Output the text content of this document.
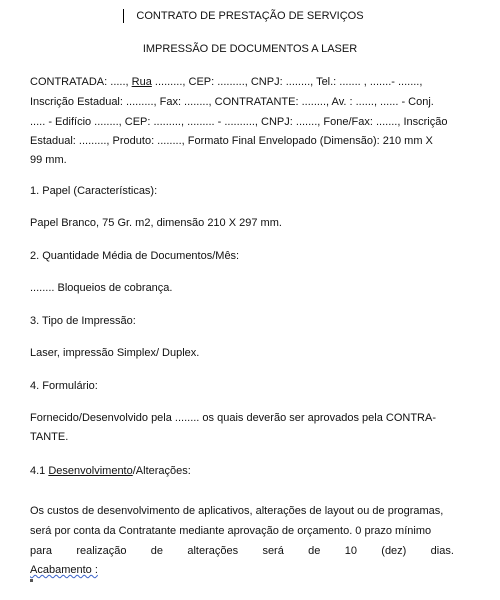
CONTRATO DE PRESTAÇÃO DE SERVIÇOS
IMPRESSÃO DE DOCUMENTOS A LASER
CONTRATADA: ....., Rua ........., CEP: ........., CNPJ: ........, Tel.: ....... , .......- .......,
Inscrição Estadual: ........., Fax: ........, CONTRATANTE: ........, Av. : ......, ...... - Conj.
..... - Edifício ........, CEP: ........., ......... - .........., CNPJ: ......., Fone/Fax: ......., Inscrição
Estadual: ........., Produto: ........, Formato Final Envelopado (Dimensão): 210 mm X
99 mm.
1. Papel (Características):
Papel Branco, 75 Gr. m2, dimensão 210 X 297 mm.
2. Quantidade Média de Documentos/Mês:
........ Bloqueios de cobrança.
3. Tipo de Impressão:
Laser, impressão Simplex/ Duplex.
4. Formulário:
Fornecido/Desenvolvido pela ........ os quais deverão ser aprovados pela CONTRA-
TANTE.
4.1 Desenvolvimento/Alterações:
Os custos de desenvolvimento de aplicativos, alterações de layout ou de programas,
será por conta da Contratante mediante aprovação de orçamento. 0 prazo mínimo
para realização de alterações será de 10 (dez) dias.
Acabamento :
